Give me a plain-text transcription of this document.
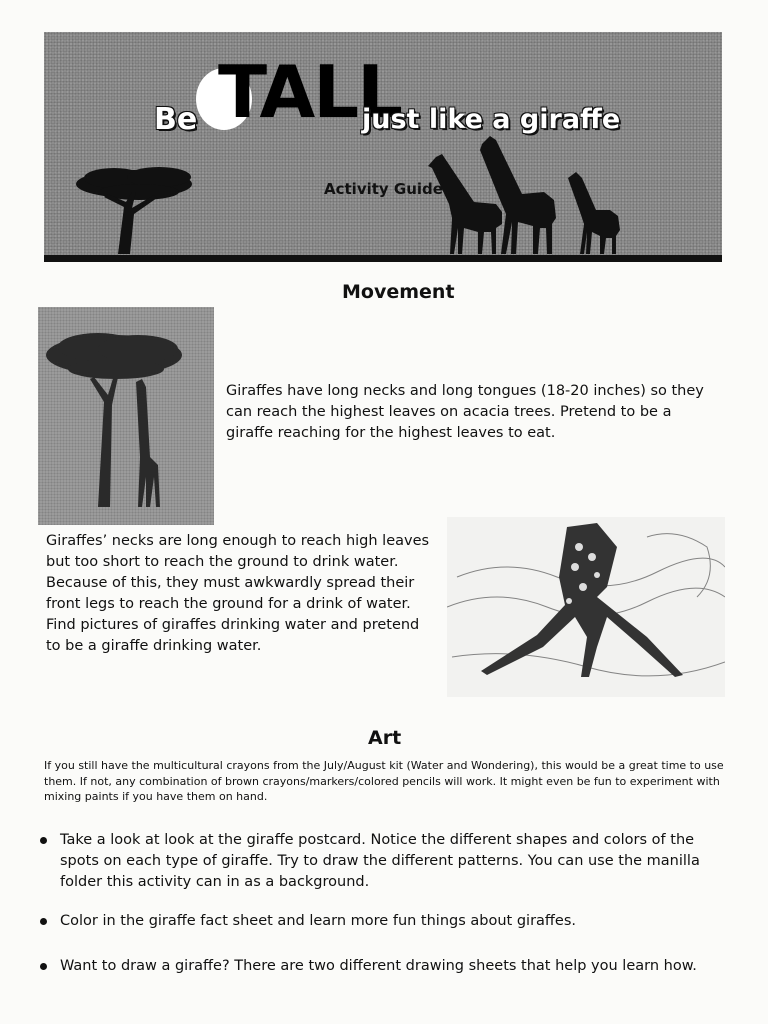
TALL
Be	just like a giraffe
Activity Guide
Movement
Giraffes have long necks and long tongues (18-20 inches) so they can reach the highest leaves on acacia trees. Pretend to be a giraffe reaching for the highest leaves to eat.
Giraffes’ necks are long enough to reach high leaves but too short to reach the ground to drink water. Because of this, they must awkwardly spread their front legs to reach the ground for a drink of water. Find pictures of giraffes drinking water and pretend to be a giraffe drinking water.
Art
If you still have the multicultural crayons from the July/August kit (Water and Wondering), this would be a great time to use them. If not, any combination of brown crayons/markers/colored pencils will work. It might even be fun to experiment with mixing paints if you have them on hand.
Take a look at look at the giraffe postcard. Notice the different shapes and colors of the spots on each type of giraffe. Try to draw the different patterns. You can use the manilla folder this activity can in as a background.
Color in the giraffe fact sheet and learn more fun things about giraffes.
Want to draw a giraffe? There are two different drawing sheets that help you learn how.
